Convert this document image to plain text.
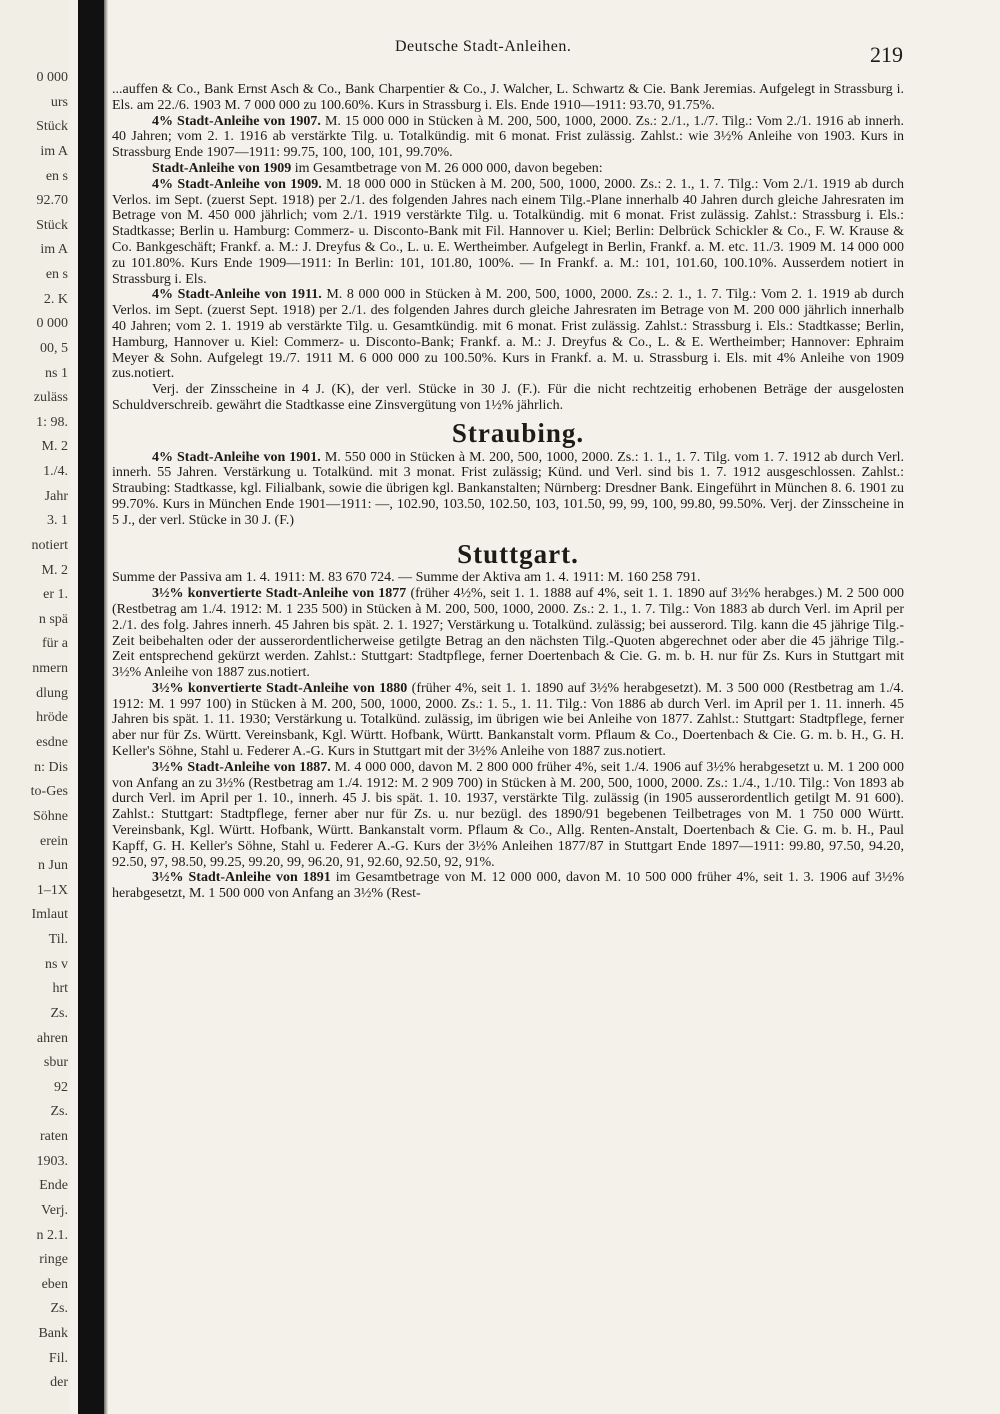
0 000
urs
Stück
im A
en s
92.70
Stück
im A
en s
2. K
0 000
00, 5
ns 1
zuläss
1: 98.
M. 2
1./4.
Jahr
3. 1
notiert
M. 2
er 1.
n spä
für a
nmern
dlung
hröde
esdne
n: Dis
to-Ges
Söhne
erein
n Jun
1–1X
Imlaut
Til.
ns v
hrt
Zs.
ahren
sbur
92
Zs.
raten
1903.
Ende
Verj.
n 2.1.
ringe
eben
Zs.
Bank
Fil.
der
Deutsche Stadt-Anleihen.	219

...auffen & Co., Bank Ernst Asch & Co., Bank Charpentier & Co., J. Walcher, L. Schwartz & Cie. Bank Jeremias. Aufgelegt in Strassburg i. Els. am 22./6. 1903 M. 7 000 000 zu 100.60%. Kurs in Strassburg i. Els. Ende 1910—1911: 93.70, 91.75%.

4% Stadt-Anleihe von 1907. M. 15 000 000 in Stücken à M. 200, 500, 1000, 2000. Zs.: 2./1., 1./7. Tilg.: Vom 2./1. 1916 ab innerh. 40 Jahren; vom 2. 1. 1916 ab verstärkte Tilg. u. Totalkündig. mit 6 monat. Frist zulässig. Zahlst.: wie 3½% Anleihe von 1903. Kurs in Strassburg Ende 1907—1911: 99.75, 100, 100, 101, 99.70%.

Stadt-Anleihe von 1909 im Gesamtbetrage von M. 26 000 000, davon begeben:

4% Stadt-Anleihe von 1909. M. 18 000 000 in Stücken à M. 200, 500, 1000, 2000. Zs.: 2. 1., 1. 7. Tilg.: Vom 2./1. 1919 ab durch Verlos. im Sept. (zuerst Sept. 1918) per 2./1. des folgenden Jahres nach einem Tilg.-Plane innerhalb 40 Jahren durch gleiche Jahresraten im Betrage von M. 450 000 jährlich; vom 2./1. 1919 verstärkte Tilg. u. Totalkündig. mit 6 monat. Frist zulässig. Zahlst.: Strassburg i. Els.: Stadtkasse; Berlin u. Hamburg: Commerz- u. Disconto-Bank mit Fil. Hannover u. Kiel; Berlin: Delbrück Schickler & Co., F. W. Krause & Co. Bankgeschäft; Frankf. a. M.: J. Dreyfus & Co., L. u. E. Wertheimber. Aufgelegt in Berlin, Frankf. a. M. etc. 11./3. 1909 M. 14 000 000 zu 101.80%. Kurs Ende 1909—1911: In Berlin: 101, 101.80, 100%. — In Frankf. a. M.: 101, 101.60, 100.10%. Ausserdem notiert in Strassburg i. Els.

4% Stadt-Anleihe von 1911. M. 8 000 000 in Stücken à M. 200, 500, 1000, 2000. Zs.: 2. 1., 1. 7. Tilg.: Vom 2. 1. 1919 ab durch Verlos. im Sept. (zuerst Sept. 1918) per 2./1. des folgenden Jahres durch gleiche Jahresraten im Betrage von M. 200 000 jährlich innerhalb 40 Jahren; vom 2. 1. 1919 ab verstärkte Tilg. u. Gesamtkündig. mit 6 monat. Frist zulässig. Zahlst.: Strassburg i. Els.: Stadtkasse; Berlin, Hamburg, Hannover u. Kiel: Commerz- u. Disconto-Bank; Frankf. a. M.: J. Dreyfus & Co., L. & E. Wertheimber; Hannover: Ephraim Meyer & Sohn. Aufgelegt 19./7. 1911 M. 6 000 000 zu 100.50%. Kurs in Frankf. a. M. u. Strassburg i. Els. mit 4% Anleihe von 1909 zus.notiert.

Verj. der Zinsscheine in 4 J. (K), der verl. Stücke in 30 J. (F.). Für die nicht rechtzeitig erhobenen Beträge der ausgelosten Schuldverschreib. gewährt die Stadtkasse eine Zinsvergütung von 1½% jährlich.

Straubing.

4% Stadt-Anleihe von 1901. M. 550 000 in Stücken à M. 200, 500, 1000, 2000. Zs.: 1. 1., 1. 7. Tilg. vom 1. 7. 1912 ab durch Verl. innerh. 55 Jahren. Verstärkung u. Totalkünd. mit 3 monat. Frist zulässig; Künd. und Verl. sind bis 1. 7. 1912 ausgeschlossen. Zahlst.: Straubing: Stadtkasse, kgl. Filialbank, sowie die übrigen kgl. Bankanstalten; Nürnberg: Dresdner Bank. Eingeführt in München 8. 6. 1901 zu 99.70%. Kurs in München Ende 1901—1911: —, 102.90, 103.50, 102.50, 103, 101.50, 99, 99, 100, 99.80, 99.50%. Verj. der Zinsscheine in 5 J., der verl. Stücke in 30 J. (F.)

Stuttgart.

Summe der Passiva am 1. 4. 1911: M. 83 670 724. — Summe der Aktiva am 1. 4. 1911: M. 160 258 791.

3½% konvertierte Stadt-Anleihe von 1877 (früher 4½%, seit 1. 1. 1888 auf 4%, seit 1. 1. 1890 auf 3½% herabges.) M. 2 500 000 (Restbetrag am 1./4. 1912: M. 1 235 500) in Stücken à M. 200, 500, 1000, 2000. Zs.: 2. 1., 1. 7. Tilg.: Von 1883 ab durch Verl. im April per 2./1. des folg. Jahres innerh. 45 Jahren bis spät. 2. 1. 1927; Verstärkung u. Totalkünd. zulässig; bei ausserord. Tilg. kann die 45 jährige Tilg.-Zeit beibehalten oder der ausserordentlicherweise getilgte Betrag an den nächsten Tilg.-Quoten abgerechnet oder aber die 45 jährige Tilg.-Zeit entsprechend gekürzt werden. Zahlst.: Stuttgart: Stadtpflege, ferner Doertenbach & Cie. G. m. b. H. nur für Zs. Kurs in Stuttgart mit 3½% Anleihe von 1887 zus.notiert.

3½% konvertierte Stadt-Anleihe von 1880 (früher 4%, seit 1. 1. 1890 auf 3½% herabgesetzt). M. 3 500 000 (Restbetrag am 1./4. 1912: M. 1 997 100) in Stücken à M. 200, 500, 1000, 2000. Zs.: 1. 5., 1. 11. Tilg.: Von 1886 ab durch Verl. im April per 1. 11. innerh. 45 Jahren bis spät. 1. 11. 1930; Verstärkung u. Totalkünd. zulässig, im übrigen wie bei Anleihe von 1877. Zahlst.: Stuttgart: Stadtpflege, ferner aber nur für Zs. Württ. Vereinsbank, Kgl. Württ. Hofbank, Württ. Bankanstalt vorm. Pflaum & Co., Doertenbach & Cie. G. m. b. H., G. H. Keller's Söhne, Stahl u. Federer A.-G. Kurs in Stuttgart mit der 3½% Anleihe von 1887 zus.notiert.

3½% Stadt-Anleihe von 1887. M. 4 000 000, davon M. 2 800 000 früher 4%, seit 1./4. 1906 auf 3½% herabgesetzt u. M. 1 200 000 von Anfang an zu 3½% (Restbetrag am 1./4. 1912: M. 2 909 700) in Stücken à M. 200, 500, 1000, 2000. Zs.: 1./4., 1./10. Tilg.: Von 1893 ab durch Verl. im April per 1. 10., innerh. 45 J. bis spät. 1. 10. 1937, verstärkte Tilg. zulässig (in 1905 ausserordentlich getilgt M. 91 600). Zahlst.: Stuttgart: Stadtpflege, ferner aber nur für Zs. u. nur bezügl. des 1890/91 begebenen Teilbetrages von M. 1 750 000 Württ. Vereinsbank, Kgl. Württ. Hofbank, Württ. Bankanstalt vorm. Pflaum & Co., Allg. Renten-Anstalt, Doertenbach & Cie. G. m. b. H., Paul Kapff, G. H. Keller's Söhne, Stahl u. Federer A.-G. Kurs der 3½% Anleihen 1877/87 in Stuttgart Ende 1897—1911: 99.80, 97.50, 94.20, 92.50, 97, 98.50, 99.25, 99.20, 99, 96.20, 91, 92.60, 92.50, 92, 91%.

3½% Stadt-Anleihe von 1891 im Gesamtbetrage von M. 12 000 000, davon M. 10 500 000 früher 4%, seit 1. 3. 1906 auf 3½% herabgesetzt, M. 1 500 000 von Anfang an 3½% (Rest-
